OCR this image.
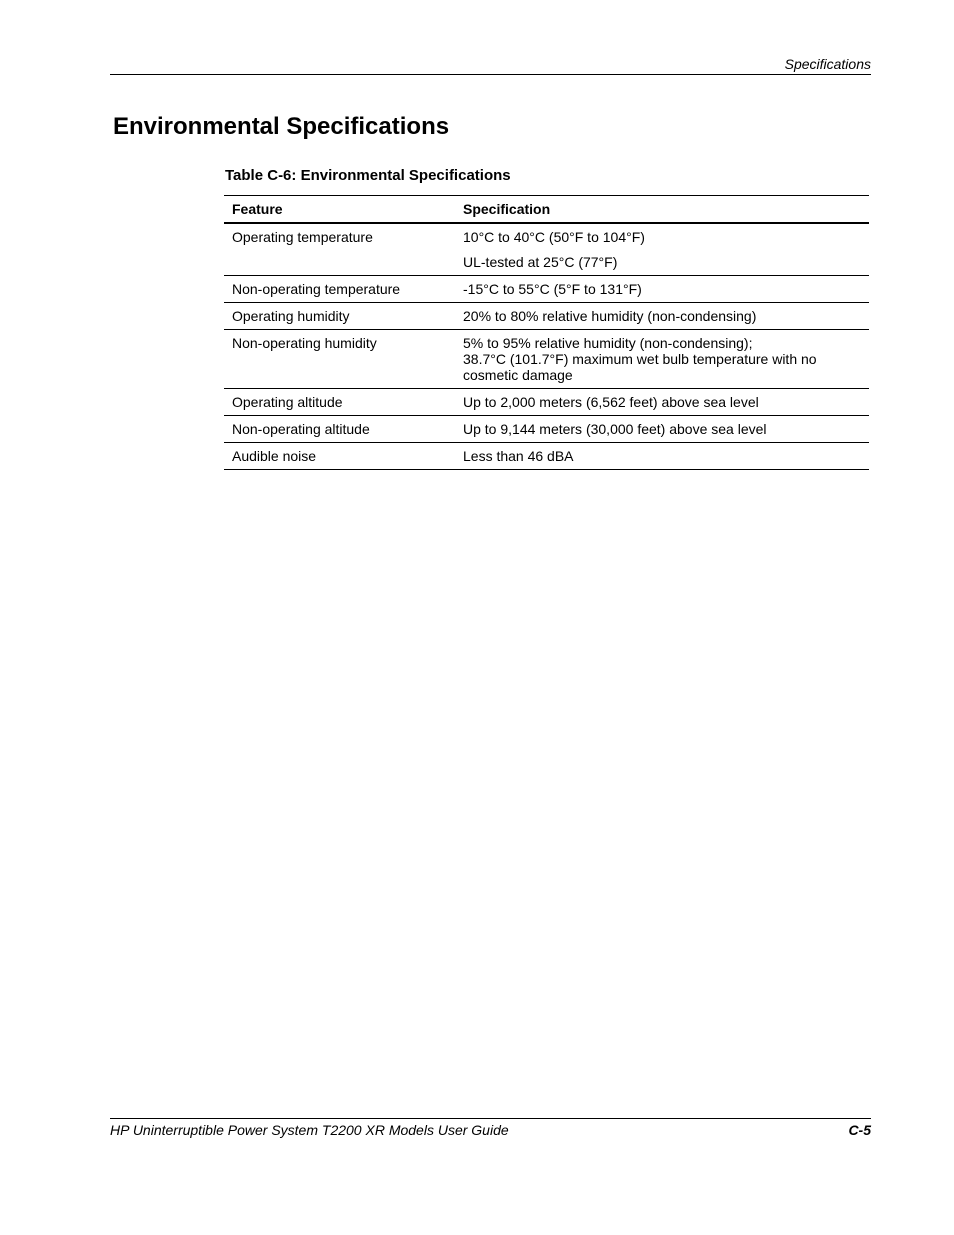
Specifications
Environmental Specifications
Table C-6: Environmental Specifications
Feature	Specification
Operating temperature	10°C to 40°C (50°F to 104°F)
UL-tested at 25°C (77°F)

Non-operating temperature	-15°C to 55°C (5°F to 131°F)

Operating humidity	20% to 80% relative humidity (non-condensing)

Non-operating humidity	5% to 95% relative humidity (non-condensing);
38.7°C (101.7°F) maximum wet bulb temperature with no
cosmetic damage

Operating altitude	Up to 2,000 meters (6,562 feet) above sea level

Non-operating altitude	Up to 9,144 meters (30,000 feet) above sea level

Audible noise	Less than 46 dBA
HP Uninterruptible Power System T2200 XR Models User Guide	C-5
